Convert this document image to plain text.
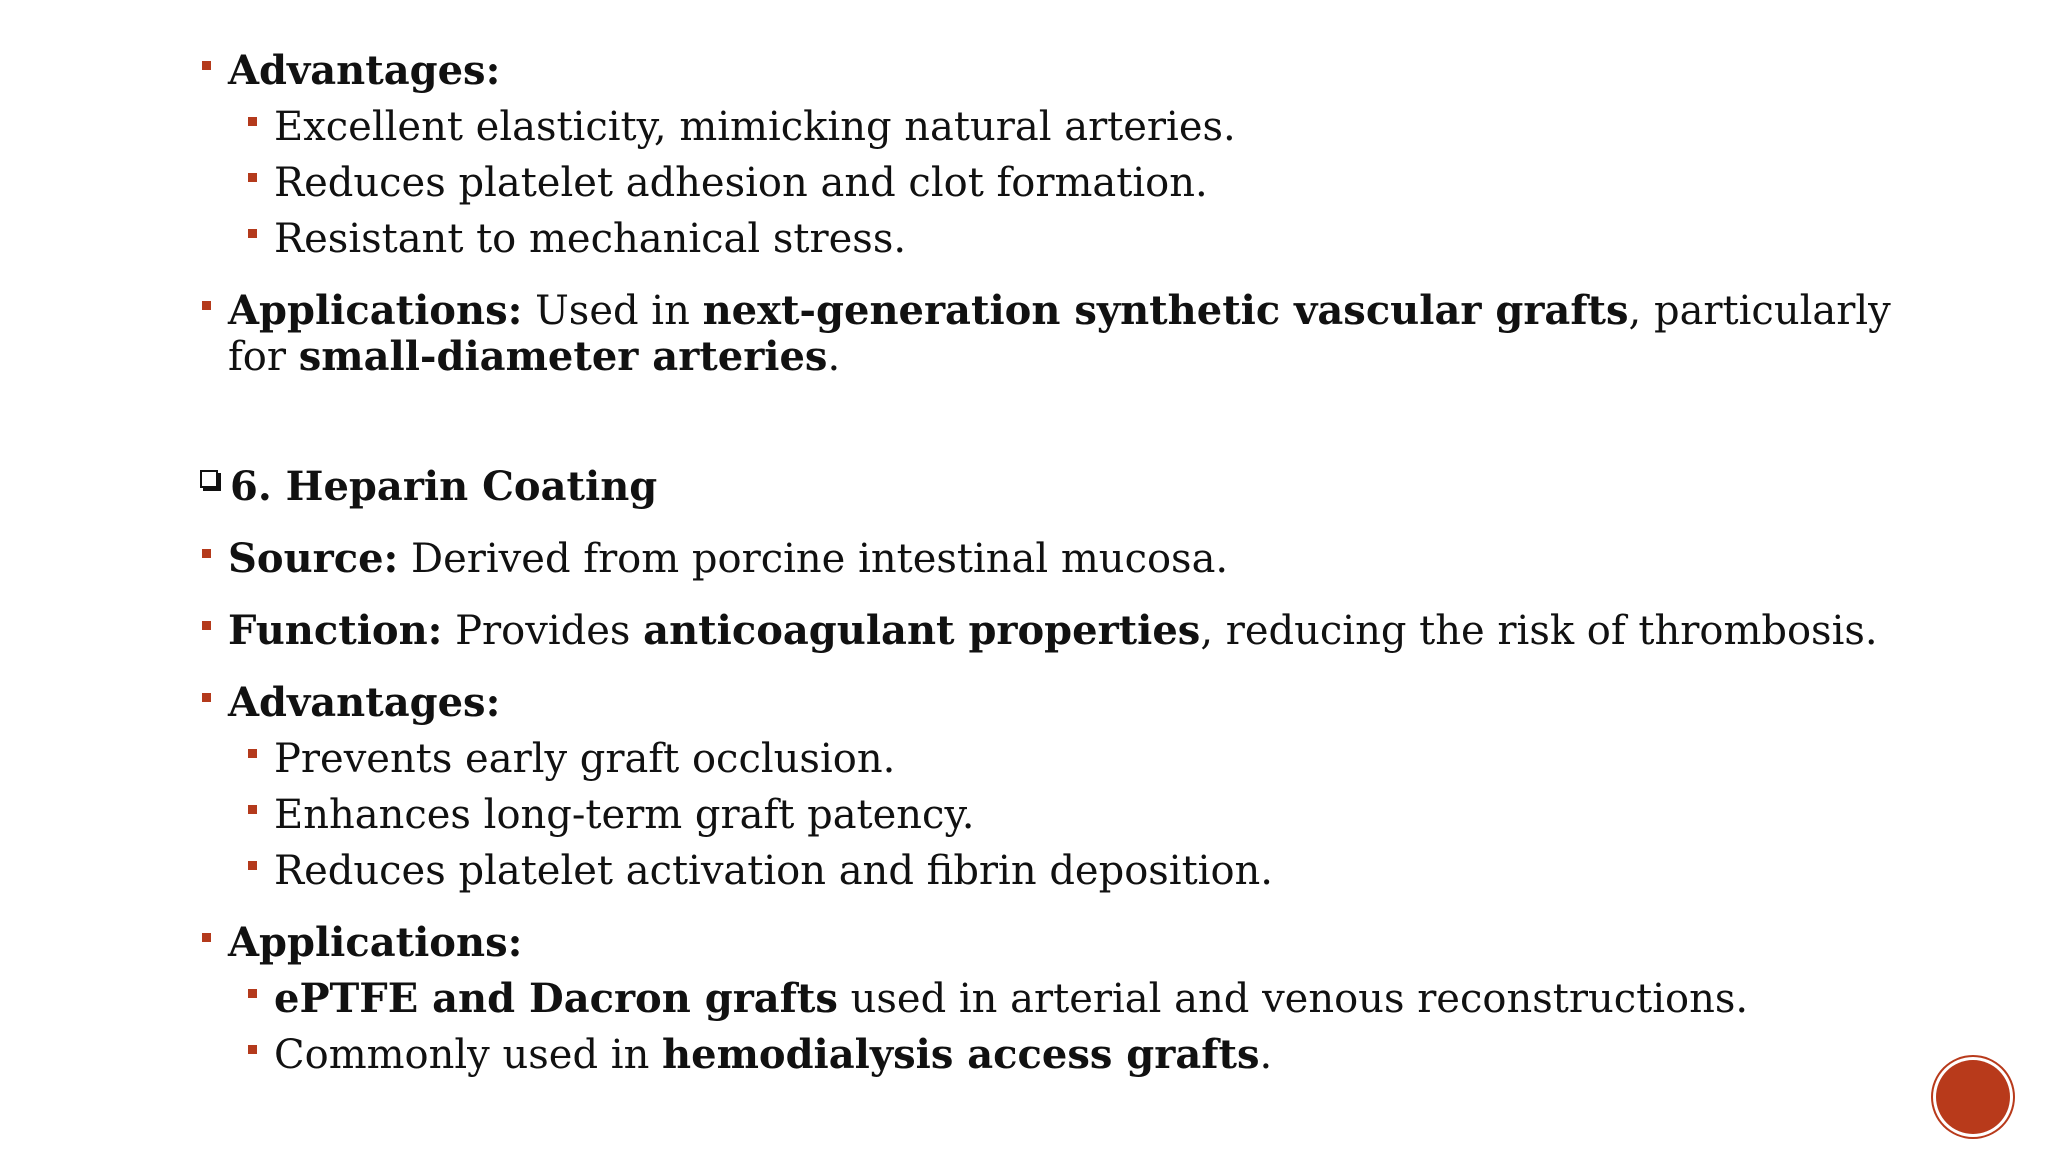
Advantages:
Excellent elasticity, mimicking natural arteries.
Reduces platelet adhesion and clot formation.
Resistant to mechanical stress.
Applications: Used in next-generation synthetic vascular grafts, particularly for small-diameter arteries.
6. Heparin Coating
Source: Derived from porcine intestinal mucosa.
Function: Provides anticoagulant properties, reducing the risk of thrombosis.
Advantages:
Prevents early graft occlusion.
Enhances long-term graft patency.
Reduces platelet activation and fibrin deposition.
Applications:
ePTFE and Dacron grafts used in arterial and venous reconstructions.
Commonly used in hemodialysis access grafts.
